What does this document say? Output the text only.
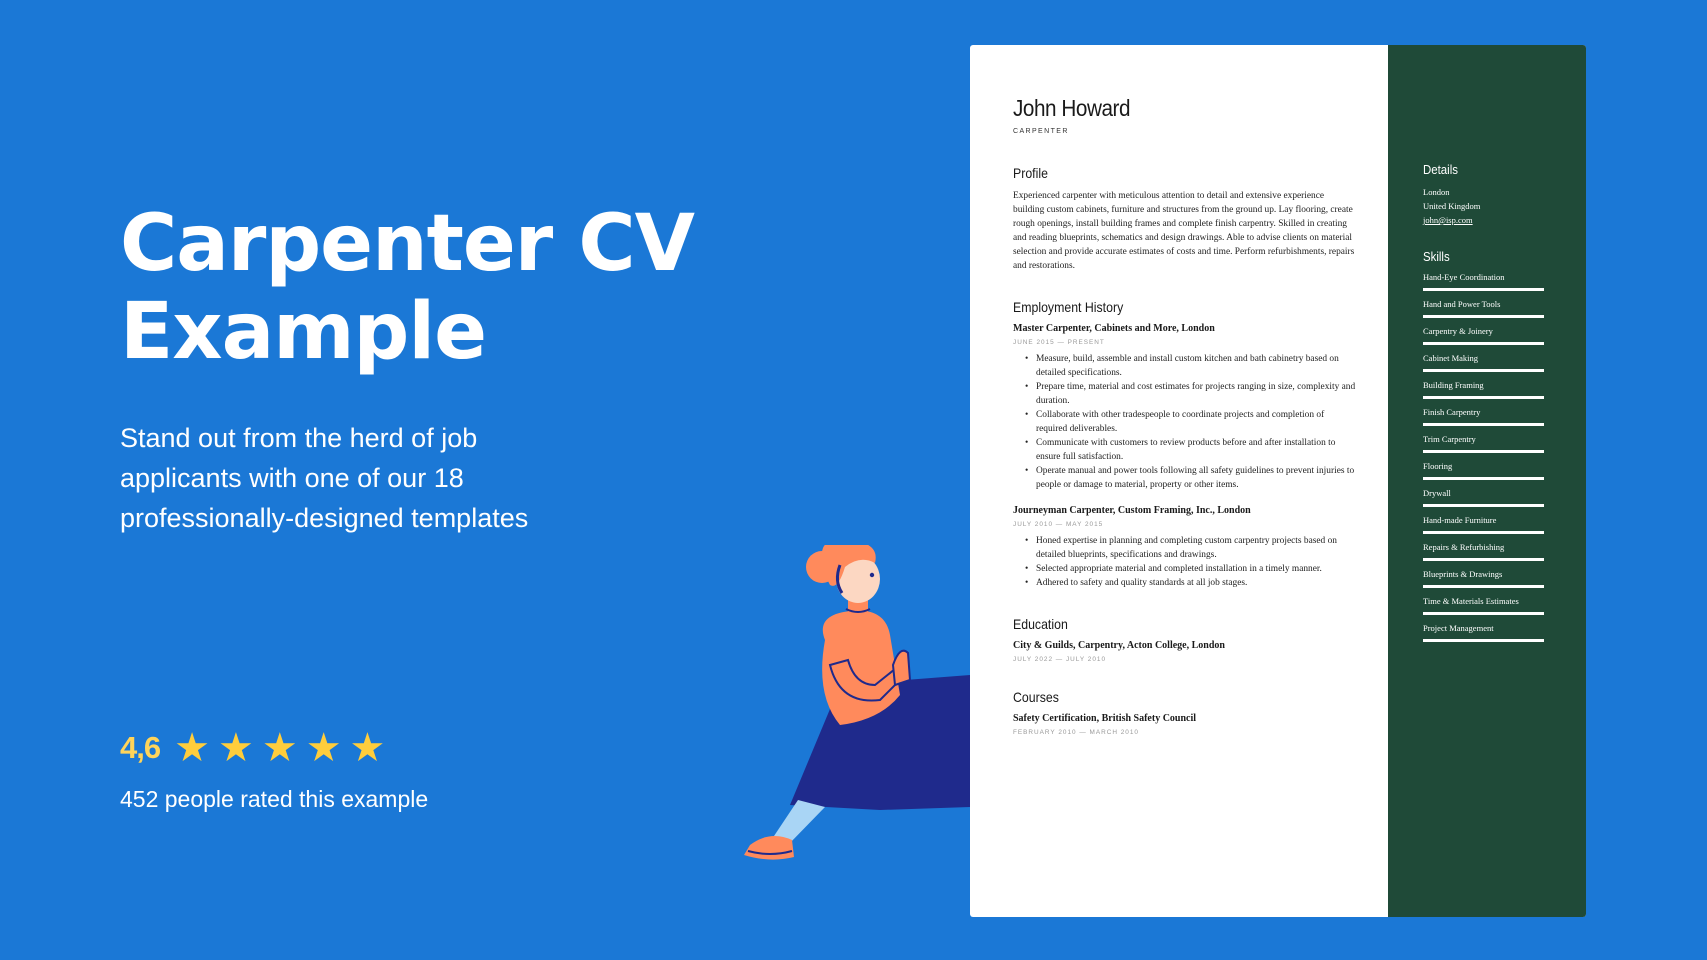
Carpenter CV
Example

Stand out from the herd of job applicants with one of our 18 professionally-designed templates

4,6 ★ ★ ★ ★ ★
452 people rated this example
John Howard
CARPENTER
Profile

Experienced carpenter with meticulous attention to detail and extensive experience building custom cabinets, furniture and structures from the ground up. Lay flooring, create rough openings, install building frames and complete finish carpentry. Skilled in creating and reading blueprints, schematics and design drawings. Able to advise clients on material selection and provide accurate estimates of costs and time. Perform refurbishments, repairs and restorations.

Employment History
Master Carpenter, Cabinets and More, London
JUNE 2015 — PRESENT
• Measure, build, assemble and install custom kitchen and bath cabinetry based on detailed specifications.
• Prepare time, material and cost estimates for projects ranging in size, complexity and duration.
• Collaborate with other tradespeople to coordinate projects and completion of required deliverables.
• Communicate with customers to review products before and after installation to ensure full satisfaction.
• Operate manual and power tools following all safety guidelines to prevent injuries to people or damage to material, property or other items.
Journeyman Carpenter, Custom Framing, Inc., London
JULY 2010 — MAY 2015
• Honed expertise in planning and completing custom carpentry projects based on detailed blueprints, specifications and drawings.
• Selected appropriate material and completed installation in a timely manner.
• Adhered to safety and quality standards at all job stages.
Education
City & Guilds, Carpentry, Acton College, London
JULY 2022 — JULY 2010
Courses
Safety Certification, British Safety Council
FEBRUARY 2010 — MARCH 2010
Details
London
United Kingdom
john@isp.com
Skills
Hand-Eye Coordination
Hand and Power Tools
Carpentry & Joinery
Cabinet Making
Building Framing
Finish Carpentry
Trim Carpentry
Flooring
Drywall
Hand-made Furniture
Repairs & Refurbishing
Blueprints & Drawings
Time & Materials Estimates
Project Management
